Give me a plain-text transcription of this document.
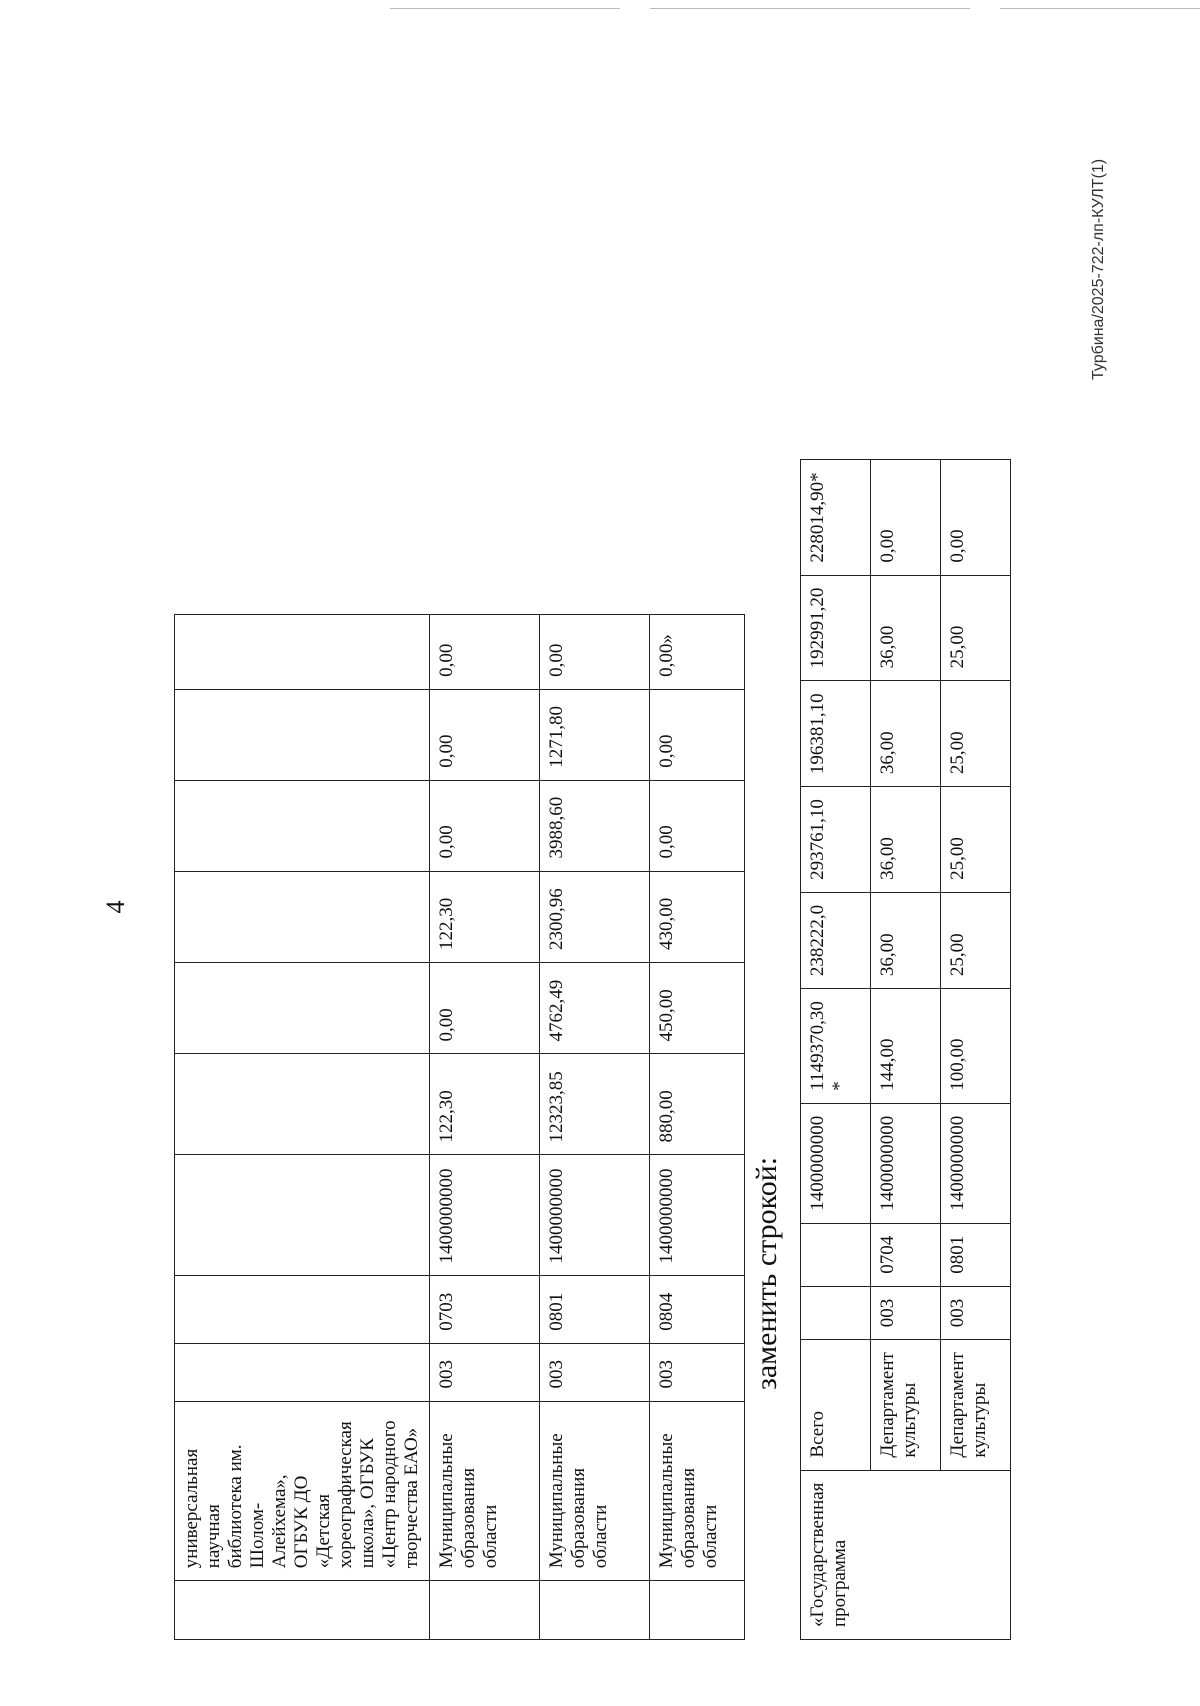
4
	универсальная научная библиотека им. Шолом-Алейхема», ОГБУК ДО «Детская хореографическая школа», ОГБУК «Центр народного творчества ЕАО»									
	Муниципальные образования области	003	0703	1400000000	122,30	0,00	122,30	0,00	0,00	0,00
	Муниципальные образования области	003	0801	1400000000	12323,85	4762,49	2300,96	3988,60	1271,80	0,00
	Муниципальные образования области	003	0804	1400000000	880,00	450,00	430,00	0,00	0,00	0,00»
заменить строкой:
«Государственная программа	Всего			1400000000	1149370,30 *	238222,0	293761,10	196381,10	192991,20	228014,90*
	Департамент культуры	003	0704	1400000000	144,00	36,00	36,00	36,00	36,00	0,00
	Департамент культуры	003	0801	1400000000	100,00	25,00	25,00	25,00	25,00	0,00
Турбина/2025-722-лп-КУЛТ(1)
